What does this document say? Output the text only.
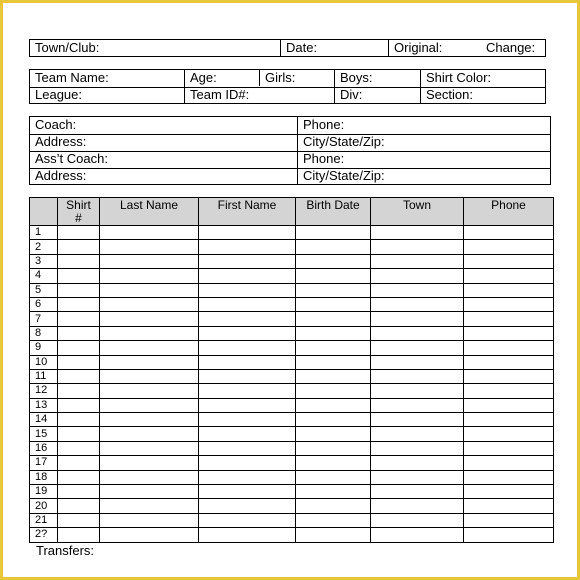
Town/Club:	Date:	Original:	Change:
Team Name:	Age:	Girls:	Boys:	Shirt Color:
League:	Team ID#:	Div:	Section:
Coach:	Phone:
Address:	City/State/Zip:
Ass’t Coach:	Phone:
Address:	City/State/Zip:
	Shirt #	Last Name	First Name	Birth Date	Town	Phone
1						
2						
3						
4						
5						
6						
7						
8						
9						
10						
11						
12						
13						
14						
15						
16						
17						
18						
19						
20						
21						
2?						
Transfers:
